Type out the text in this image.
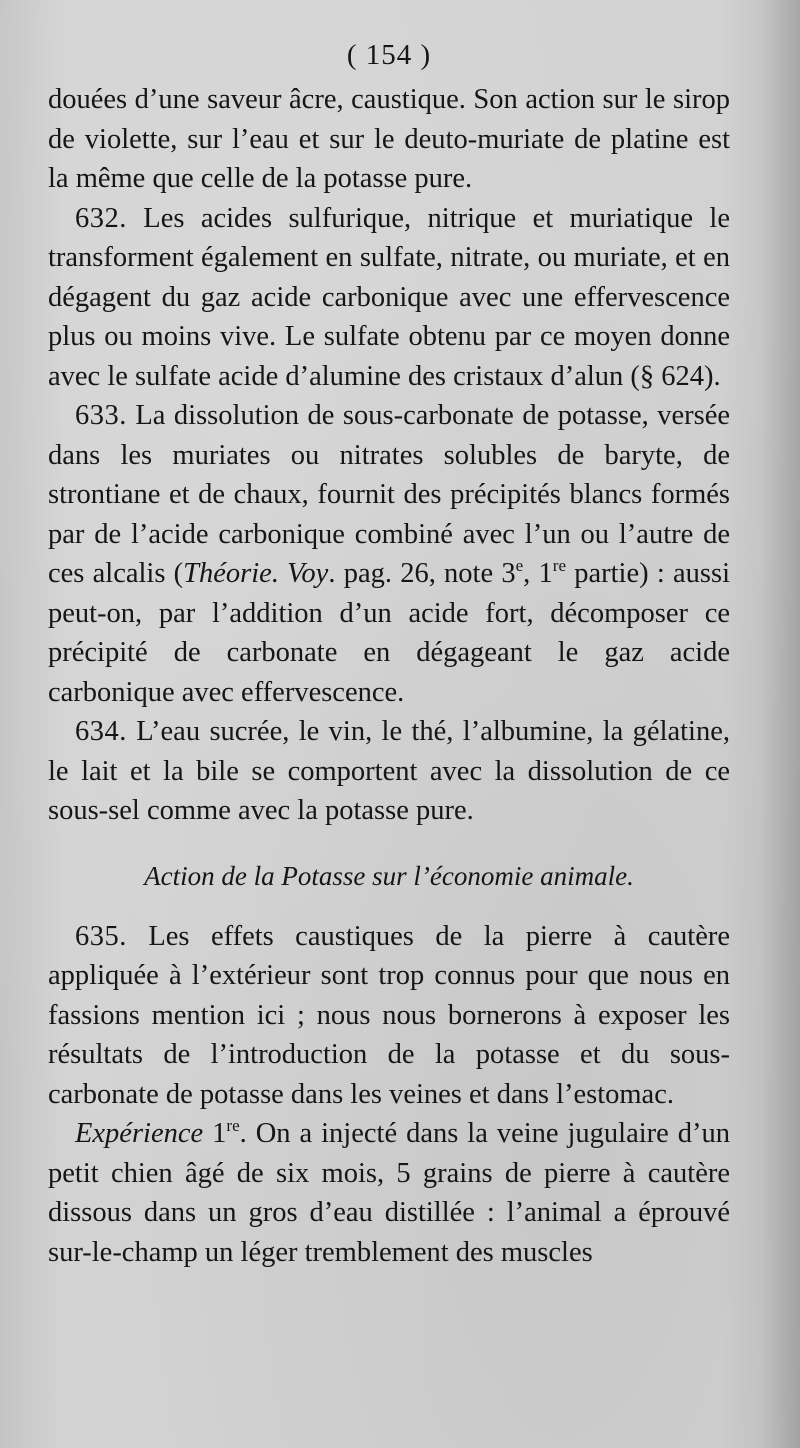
( 154 )

douées d’une saveur âcre, caustique. Son action sur le sirop de violette, sur l’eau et sur le deuto-muriate de platine est la même que celle de la potasse pure.

632. Les acides sulfurique, nitrique et muriatique le transforment également en sulfate, nitrate, ou muriate, et en dégagent du gaz acide carbonique avec une effervescence plus ou moins vive. Le sulfate obtenu par ce moyen donne avec le sulfate acide d’alumine des cristaux d’alun (§ 624).

633. La dissolution de sous-carbonate de potasse, versée dans les muriates ou nitrates solubles de baryte, de strontiane et de chaux, fournit des précipités blancs formés par de l’acide carbonique combiné avec l’un ou l’autre de ces alcalis (Théorie. Voy. pag. 26, note 3e, 1re partie) : aussi peut-on, par l’addition d’un acide fort, décomposer ce précipité de carbonate en dégageant le gaz acide carbonique avec effervescence.

634. L’eau sucrée, le vin, le thé, l’albumine, la gélatine, le lait et la bile se comportent avec la dissolution de ce sous-sel comme avec la potasse pure.

Action de la Potasse sur l’économie animale.

635. Les effets caustiques de la pierre à cautère appliquée à l’extérieur sont trop connus pour que nous en fassions mention ici ; nous nous bornerons à exposer les résultats de l’introduction de la potasse et du sous-carbonate de potasse dans les veines et dans l’estomac.

Expérience 1re. On a injecté dans la veine jugulaire d’un petit chien âgé de six mois, 5 grains de pierre à cautère dissous dans un gros d’eau distillée : l’animal a éprouvé sur-le-champ un léger tremblement des muscles
